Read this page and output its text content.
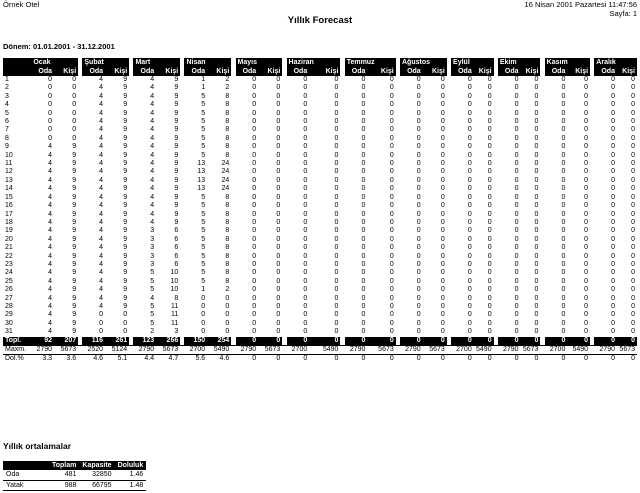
Örnek Otel	16 Nisan 2001 Pazartesi 11:47:56
Sayfa: 1
Yıllık Forecast
Dönem: 01.01.2001 - 31.12.2001
	Ocak			Şubat			Mart			Nisan			Mayıs			Haziran			Temmuz			Ağustos			Eylül			Ekim			Kasım			Aralık	
	Oda	Kişi		Oda	Kişi		Oda	Kişi		Oda	Kişi		Oda	Kişi		Oda	Kişi		Oda	Kişi		Oda	Kişi		Oda	Kişi		Oda	Kişi		Oda	Kişi		Oda	Kişi
1	0	0		4	9		4	9		1	2		0	0		0	0		0	0		0	0		0	0		0	0		0	0		0	0
2	0	0		4	9		4	9		1	2		0	0		0	0		0	0		0	0		0	0		0	0		0	0		0	0
3	0	0		4	9		4	9		5	8		0	0		0	0		0	0		0	0		0	0		0	0		0	0		0	0
4	0	0		4	9		4	9		5	8		0	0		0	0		0	0		0	0		0	0		0	0		0	0		0	0
5	0	0		4	9		4	9		5	8		0	0		0	0		0	0		0	0		0	0		0	0		0	0		0	0
6	0	0		4	9		4	9		5	8		0	0		0	0		0	0		0	0		0	0		0	0		0	0		0	0
7	0	0		4	9		4	9		5	8		0	0		0	0		0	0		0	0		0	0		0	0		0	0		0	0
8	0	0		4	9		4	9		5	8		0	0		0	0		0	0		0	0		0	0		0	0		0	0		0	0
9	4	9		4	9		4	9		5	8		0	0		0	0		0	0		0	0		0	0		0	0		0	0		0	0
10	4	9		4	9		4	9		5	8		0	0		0	0		0	0		0	0		0	0		0	0		0	0		0	0
11	4	9		4	9		4	9		13	24		0	0		0	0		0	0		0	0		0	0		0	0		0	0		0	0
12	4	9		4	9		4	9		13	24		0	0		0	0		0	0		0	0		0	0		0	0		0	0		0	0
13	4	9		4	9		4	9		13	24		0	0		0	0		0	0		0	0		0	0		0	0		0	0		0	0
14	4	9		4	9		4	9		13	24		0	0		0	0		0	0		0	0		0	0		0	0		0	0		0	0
15	4	9		4	9		4	9		5	8		0	0		0	0		0	0		0	0		0	0		0	0		0	0		0	0
16	4	9		4	9		4	9		5	8		0	0		0	0		0	0		0	0		0	0		0	0		0	0		0	0
17	4	9		4	9		4	9		5	8		0	0		0	0		0	0		0	0		0	0		0	0		0	0		0	0
18	4	9		4	9		4	9		5	8		0	0		0	0		0	0		0	0		0	0		0	0		0	0		0	0
19	4	9		4	9		3	6		5	8		0	0		0	0		0	0		0	0		0	0		0	0		0	0		0	0
20	4	9		4	9		3	6		5	8		0	0		0	0		0	0		0	0		0	0		0	0		0	0		0	0
21	4	9		4	9		3	6		5	8		0	0		0	0		0	0		0	0		0	0		0	0		0	0		0	0
22	4	9		4	9		3	6		5	8		0	0		0	0		0	0		0	0		0	0		0	0		0	0		0	0
23	4	9		4	9		3	6		5	8		0	0		0	0		0	0		0	0		0	0		0	0		0	0		0	0
24	4	9		4	9		5	10		5	8		0	0		0	0		0	0		0	0		0	0		0	0		0	0		0	0
25	4	9		4	9		5	10		5	8		0	0		0	0		0	0		0	0		0	0		0	0		0	0		0	0
26	4	9		4	9		5	10		1	2		0	0		0	0		0	0		0	0		0	0		0	0		0	0		0	0
27	4	9		4	9		4	8		0	0		0	0		0	0		0	0		0	0		0	0		0	0		0	0		0	0
28	4	9		4	9		5	11		0	0		0	0		0	0		0	0		0	0		0	0		0	0		0	0		0	0
29	4	9		0	0		5	11		0	0		0	0		0	0		0	0		0	0		0	0		0	0		0	0		0	0
30	4	9		0	0		5	11		0	0		0	0		0	0		0	0		0	0		0	0		0	0		0	0		0	0
31	4	9		0	0		2	3		0	0		0	0		0	0		0	0		0	0		0	0		0	0		0	0		0	0
Topl.	92	207		116	261		123	266		150	254		0	0		0	0		0	0		0	0		0	0		0	0		0	0		0	0
Maxm.	2790	5673		2520	5124		2790	5673		2700	5490		2790	5673		2700	5490		2790	5673		2790	5673		2700	5490		2790	5673		2700	5490		2790	5673
Dol.%	3.3	3.6		4.6	5.1		4.4	4.7		5.6	4.6		0	0		0	0		0	0		0	0		0	0		0	0		0	0		0	0
Yıllık ortalamalar
	Toplam	Kapasite	Doluluk
Oda	481	32850	1.46
Yatak	988	66795	1.48
